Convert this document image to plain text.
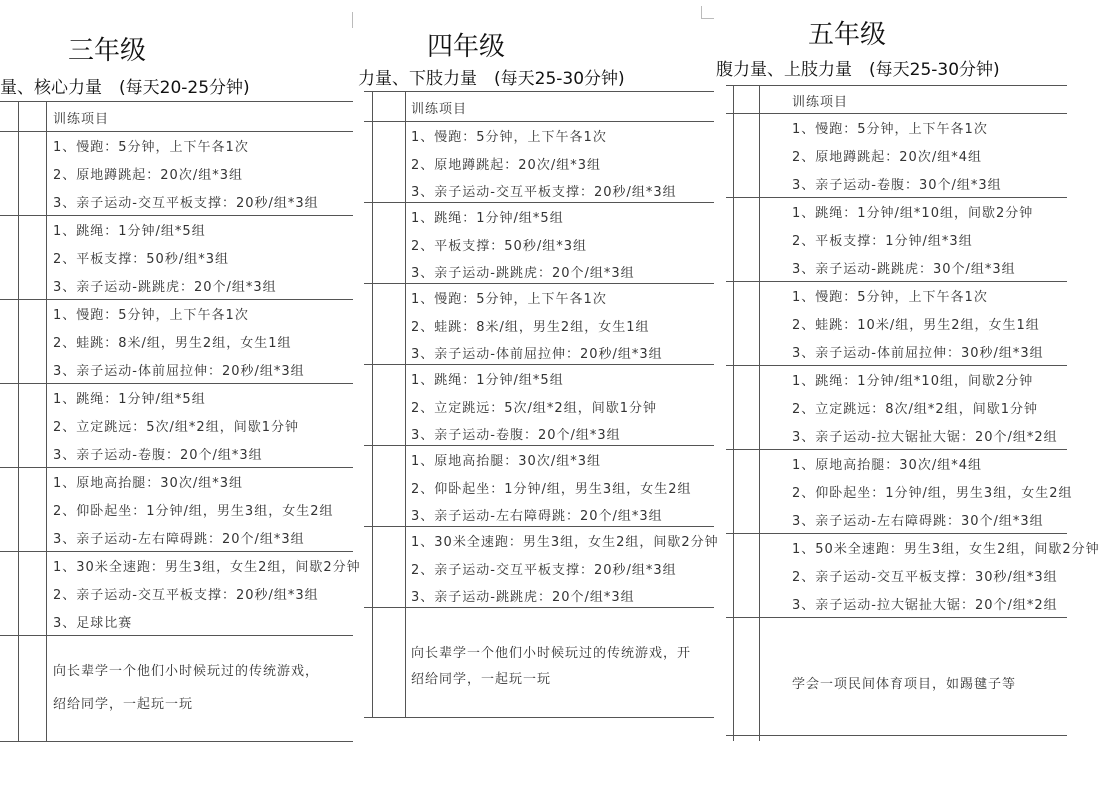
三年级
量、核心力量　(每天20-25分钟)
训练项目
1、慢跑：5分钟，上下午各1次
2、原地蹲跳起：20次/组*3组
3、亲子运动-交互平板支撑：20秒/组*3组
1、跳绳：1分钟/组*5组
2、平板支撑：50秒/组*3组
3、亲子运动-跳跳虎：20个/组*3组
1、慢跑：5分钟，上下午各1次
2、蛙跳：8米/组，男生2组，女生1组
3、亲子运动-体前屈拉伸：20秒/组*3组
1、跳绳：1分钟/组*5组
2、立定跳远：5次/组*2组，间歇1分钟
3、亲子运动-卷腹：20个/组*3组
1、原地高抬腿：30次/组*3组
2、仰卧起坐：1分钟/组，男生3组，女生2组
3、亲子运动-左右障碍跳：20个/组*3组
1、30米全速跑：男生3组，女生2组，间歇2分钟
2、亲子运动-交互平板支撑：20秒/组*3组
3、足球比赛
向长辈学一个他们小时候玩过的传统游戏，
绍给同学，一起玩一玩
四年级
力量、下肢力量　(每天25-30分钟)
训练项目
1、慢跑：5分钟，上下午各1次
2、原地蹲跳起：20次/组*3组
3、亲子运动-交互平板支撑：20秒/组*3组
1、跳绳：1分钟/组*5组
2、平板支撑：50秒/组*3组
3、亲子运动-跳跳虎：20个/组*3组
1、慢跑：5分钟，上下午各1次
2、蛙跳：8米/组，男生2组，女生1组
3、亲子运动-体前屈拉伸：20秒/组*3组
1、跳绳：1分钟/组*5组
2、立定跳远：5次/组*2组，间歇1分钟
3、亲子运动-卷腹：20个/组*3组
1、原地高抬腿：30次/组*3组
2、仰卧起坐：1分钟/组，男生3组，女生2组
3、亲子运动-左右障碍跳：20个/组*3组
1、30米全速跑：男生3组，女生2组，间歇2分钟
2、亲子运动-交互平板支撑：20秒/组*3组
3、亲子运动-跳跳虎：20个/组*3组
向长辈学一个他们小时候玩过的传统游戏，开
绍给同学，一起玩一玩
五年级
腹力量、上肢力量　(每天25-30分钟)
训练项目
1、慢跑：5分钟，上下午各1次
2、原地蹲跳起：20次/组*4组
3、亲子运动-卷腹：30个/组*3组
1、跳绳：1分钟/组*10组，间歇2分钟
2、平板支撑：1分钟/组*3组
3、亲子运动-跳跳虎：30个/组*3组
1、慢跑：5分钟，上下午各1次
2、蛙跳：10米/组，男生2组，女生1组
3、亲子运动-体前屈拉伸：30秒/组*3组
1、跳绳：1分钟/组*10组，间歇2分钟
2、立定跳远：8次/组*2组，间歇1分钟
3、亲子运动-拉大锯扯大锯：20个/组*2组
1、原地高抬腿：30次/组*4组
2、仰卧起坐：1分钟/组，男生3组，女生2组
3、亲子运动-左右障碍跳：30个/组*3组
1、50米全速跑：男生3组，女生2组，间歇2分钟
2、亲子运动-交互平板支撑：30秒/组*3组
3、亲子运动-拉大锯扯大锯：20个/组*2组
学会一项民间体育项目，如踢毽子等
